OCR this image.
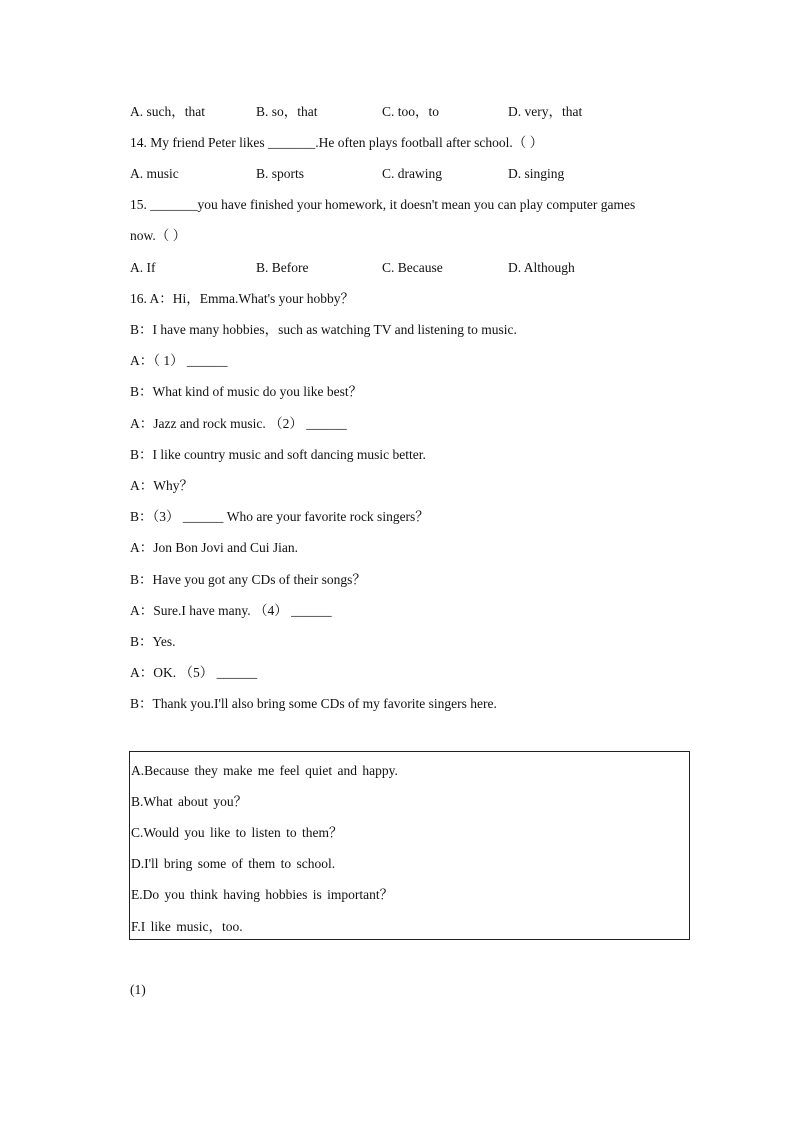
A. such，that	B. so，that	C. too，to	D. very，that
14. My friend Peter likes _______.He often plays football after school.（ ）
A. music	B. sports	C. drawing	D. singing
15. _______you have finished your homework, it doesn't mean you can play computer games
now.（ ）
A. If	B. Before	C. Because	D. Although
16. A：Hi，Emma.What's your hobby？
B：I have many hobbies，such as watching TV and listening to music.
A：（ 1） ______
B：What kind of music do you like best？
A：Jazz and rock music. （2） ______
B：I like country music and soft dancing music better.
A：Why？
B：（3） ______ Who are your favorite rock singers？
A：Jon Bon Jovi and Cui Jian.
B：Have you got any CDs of their songs？
A：Sure.I have many. （4） ______
B：Yes.
A：OK. （5） ______
B：Thank you.I'll also bring some CDs of my favorite singers here.
A.Because they make me feel quiet and happy.
B.What about you？
C.Would you like to listen to them？
D.I'll bring some of them to school.
E.Do you think having hobbies is important？
F.I like music，too.
(1)
